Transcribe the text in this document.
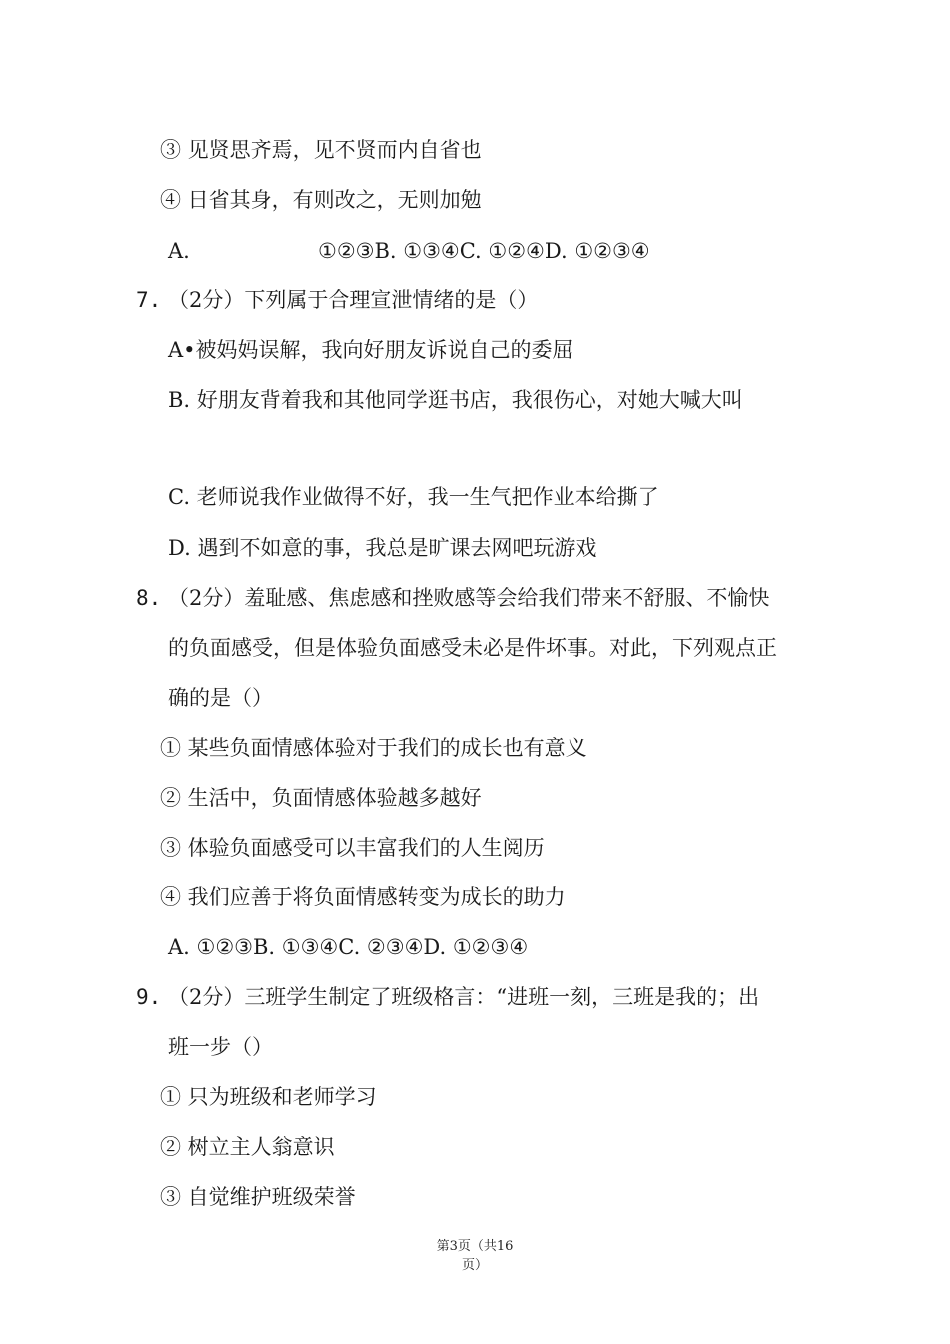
③ 见贤思齐焉，见不贤而内自省也
④ 日省其身，有则改之，无则加勉
A.	①②③B. ①③④C. ①②④D. ①②③④
7. （2分）下列属于合理宣泄情绪的是（）
A•被妈妈误解，我向好朋友诉说自己的委屈
B. 好朋友背着我和其他同学逛书店，我很伤心，对她大喊大叫
C. 老师说我作业做得不好，我一生气把作业本给撕了
D. 遇到不如意的事，我总是旷课去网吧玩游戏
8. （2分）羞耻感、焦虑感和挫败感等会给我们带来不舒服、不愉快
的负面感受，但是体验负面感受未必是件坏事。对此，下列观点正
确的是（）
① 某些负面情感体验对于我们的成长也有意义
② 生活中，负面情感体验越多越好
③ 体验负面感受可以丰富我们的人生阅历
④ 我们应善于将负面情感转变为成长的助力
A. ①②③B. ①③④C. ②③④D. ①②③④
9. （2分）三班学生制定了班级格言：“进班一刻，三班是我的；出
班一步（）
① 只为班级和老师学习
② 树立主人翁意识
③ 自觉维护班级荣誉
第3页（共16
页）
